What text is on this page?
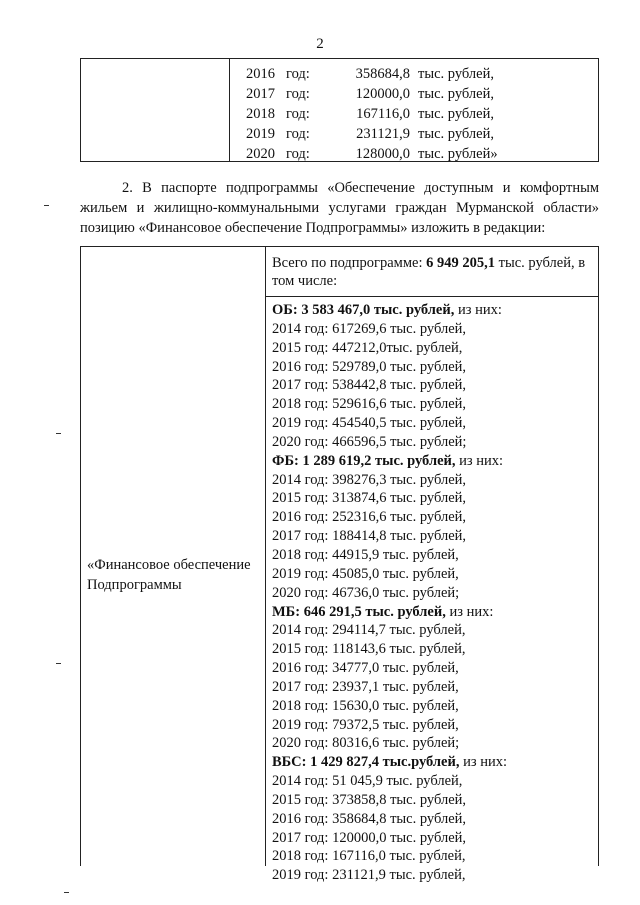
2
2016 год:	358684,8 тыс. рублей,
2017 год:	120000,0 тыс. рублей,
2018 год:	167116,0 тыс. рублей,
2019 год:	231121,9 тыс. рублей,
2020 год:	128000,0 тыс. рублей»

2. В паспорте подпрограммы «Обеспечение доступным и комфортным жильем и жилищно-коммунальными услугами граждан Мурманской области» позицию «Финансовое обеспечение Подпрограммы» изложить в редакции:

«Финансовое обеспечение Подпрограммы
Всего по подпрограмме: 6 949 205,1 тыс. рублей, в том числе:
ОБ: 3 583 467,0 тыс. рублей, из них:
2014 год: 617269,6 тыс. рублей,
2015 год: 447212,0тыс. рублей,
2016 год: 529789,0 тыс. рублей,
2017 год: 538442,8 тыс. рублей,
2018 год: 529616,6 тыс. рублей,
2019 год: 454540,5 тыс. рублей,
2020 год: 466596,5 тыс. рублей;
ФБ: 1 289 619,2 тыс. рублей, из них:
2014 год: 398276,3 тыс. рублей,
2015 год: 313874,6 тыс. рублей,
2016 год: 252316,6 тыс. рублей,
2017 год: 188414,8 тыс. рублей,
2018 год: 44915,9 тыс. рублей,
2019 год: 45085,0 тыс. рублей,
2020 год: 46736,0 тыс. рублей;
МБ: 646 291,5 тыс. рублей, из них:
2014 год: 294114,7 тыс. рублей,
2015 год: 118143,6 тыс. рублей,
2016 год: 34777,0 тыс. рублей,
2017 год: 23937,1 тыс. рублей,
2018 год: 15630,0 тыс. рублей,
2019 год: 79372,5 тыс. рублей,
2020 год: 80316,6 тыс. рублей;
ВБС: 1 429 827,4 тыс.рублей, из них:
2014 год: 51 045,9 тыс. рублей,
2015 год: 373858,8 тыс. рублей,
2016 год: 358684,8 тыс. рублей,
2017 год: 120000,0 тыс. рублей,
2018 год: 167116,0 тыс. рублей,
2019 год: 231121,9 тыс. рублей,
